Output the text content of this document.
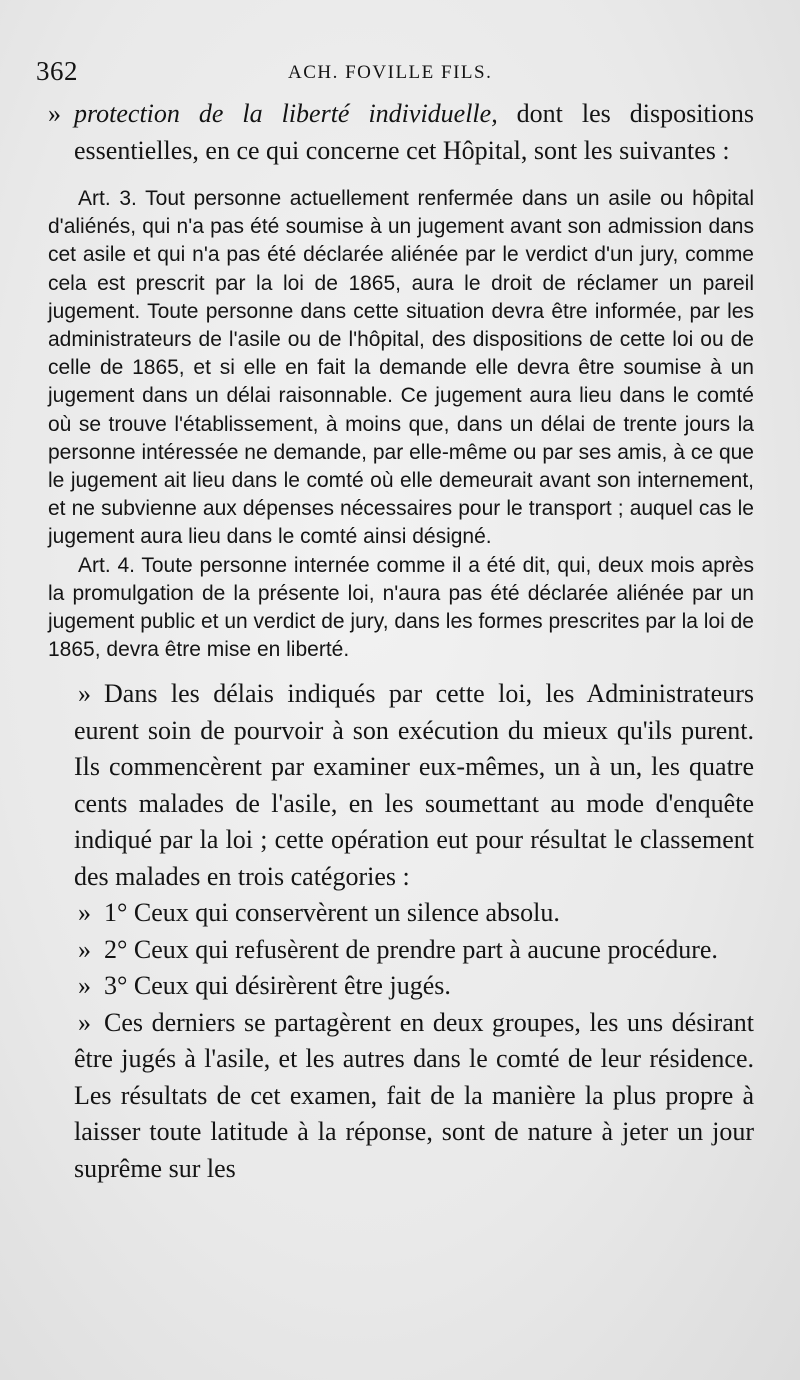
362	ACH. FOVILLE FILS.

» protection de la liberté individuelle, dont les dispositions essentielles, en ce qui concerne cet Hôpital, sont les suivantes :

Art. 3. Tout personne actuellement renfermée dans un asile ou hôpital d'aliénés, qui n'a pas été soumise à un jugement avant son admission dans cet asile et qui n'a pas été déclarée aliénée par le verdict d'un jury, comme cela est prescrit par la loi de 1865, aura le droit de réclamer un pareil jugement. Toute personne dans cette situation devra être informée, par les administrateurs de l'asile ou de l'hôpital, des dispositions de cette loi ou de celle de 1865, et si elle en fait la demande elle devra être soumise à un jugement dans un délai raisonnable. Ce jugement aura lieu dans le comté où se trouve l'établissement, à moins que, dans un délai de trente jours la personne intéressée ne demande, par elle-même ou par ses amis, à ce que le jugement ait lieu dans le comté où elle demeurait avant son internement, et ne subvienne aux dépenses nécessaires pour le transport ; auquel cas le jugement aura lieu dans le comté ainsi désigné.

Art. 4. Toute personne internée comme il a été dit, qui, deux mois après la promulgation de la présente loi, n'aura pas été déclarée aliénée par un jugement public et un verdict de jury, dans les formes prescrites par la loi de 1865, devra être mise en liberté.

» Dans les délais indiqués par cette loi, les Administrateurs eurent soin de pourvoir à son exécution du mieux qu'ils purent. Ils commencèrent par examiner eux-mêmes, un à un, les quatre cents malades de l'asile, en les soumettant au mode d'enquête indiqué par la loi ; cette opération eut pour résultat le classement des malades en trois catégories :

» 1° Ceux qui conservèrent un silence absolu.

» 2° Ceux qui refusèrent de prendre part à aucune procédure.

» 3° Ceux qui désirèrent être jugés.

» Ces derniers se partagèrent en deux groupes, les uns désirant être jugés à l'asile, et les autres dans le comté de leur résidence. Les résultats de cet examen, fait de la manière la plus propre à laisser toute latitude à la réponse, sont de nature à jeter un jour suprême sur les
